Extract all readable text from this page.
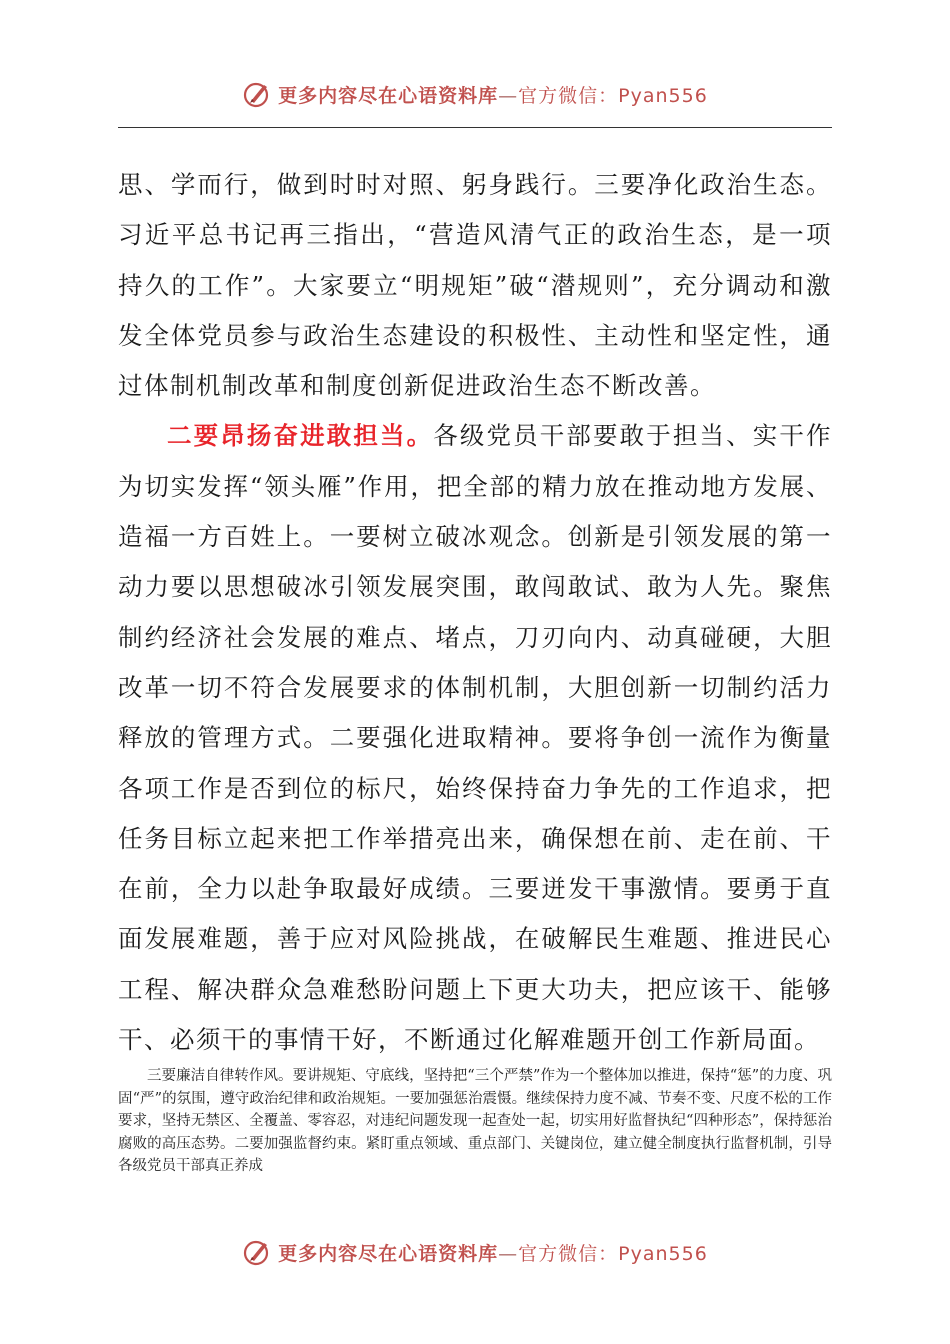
更多内容尽在心语资料库—官方微信：Pyan556

思、学而行，做到时时对照、躬身践行。三要净化政治生态。习近平总书记再三指出，“营造风清气正的政治生态，是一项持久的工作”。大家要立“明规矩”破“潜规则”，充分调动和激发全体党员参与政治生态建设的积极性、主动性和坚定性，通过体制机制改革和制度创新促进政治生态不断改善。

二要昂扬奋进敢担当。各级党员干部要敢于担当、实干作为切实发挥“领头雁”作用，把全部的精力放在推动地方发展、造福一方百姓上。一要树立破冰观念。创新是引领发展的第一动力要以思想破冰引领发展突围，敢闯敢试、敢为人先。聚焦制约经济社会发展的难点、堵点，刀刃向内、动真碰硬，大胆改革一切不符合发展要求的体制机制，大胆创新一切制约活力释放的管理方式。二要强化进取精神。要将争创一流作为衡量各项工作是否到位的标尺，始终保持奋力争先的工作追求，把任务目标立起来把工作举措亮出来，确保想在前、走在前、干在前，全力以赴争取最好成绩。三要迸发干事激情。要勇于直面发展难题，善于应对风险挑战，在破解民生难题、推进民心工程、解决群众急难愁盼问题上下更大功夫，把应该干、能够干、必须干的事情干好，不断通过化解难题开创工作新局面。

三要廉洁自律转作风。要讲规矩、守底线，坚持把“三个严禁”作为一个整体加以推进，保持“惩”的力度、巩固“严”的氛围，遵守政治纪律和政治规矩。一要加强惩治震慑。继续保持力度不减、节奏不变、尺度不松的工作要求，坚持无禁区、全覆盖、零容忍，对违纪问题发现一起查处一起，切实用好监督执纪“四种形态”，保持惩治腐败的高压态势。二要加强监督约束。紧盯重点领域、重点部门、关键岗位，建立健全制度执行监督机制，引导各级党员干部真正养成

更多内容尽在心语资料库—官方微信：Pyan556
